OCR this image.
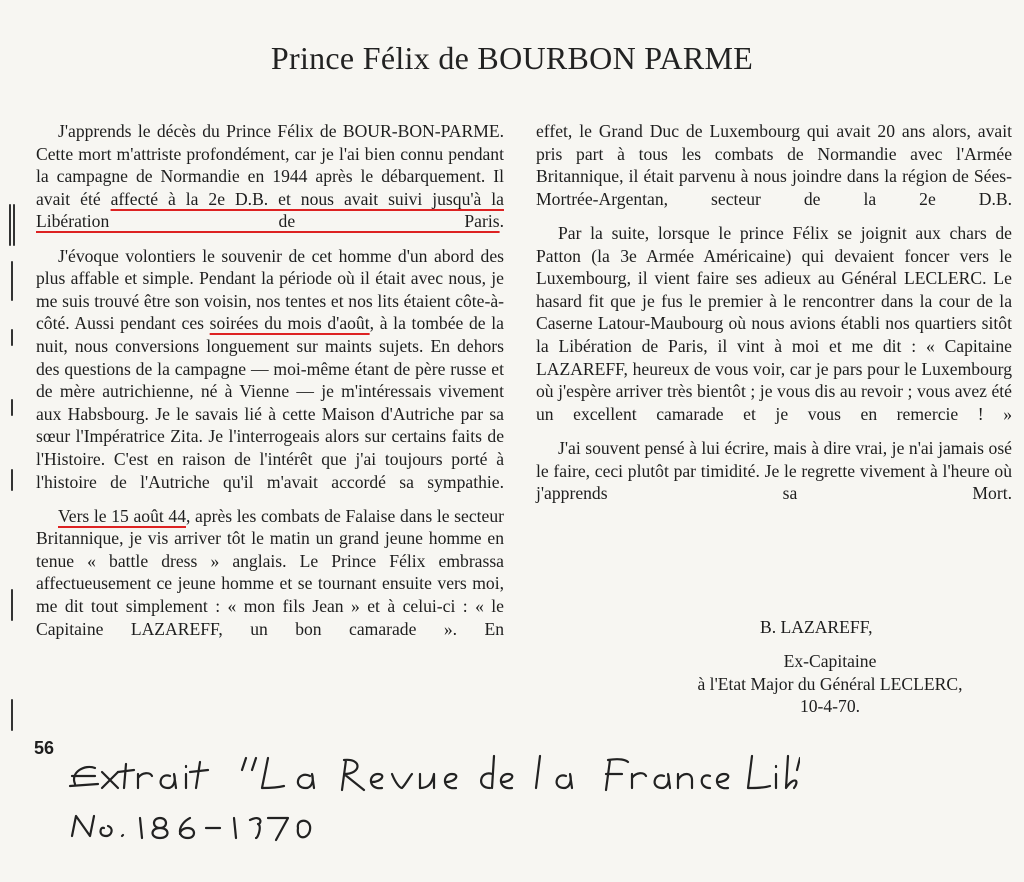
Prince Félix de BOURBON PARME

J'apprends le décès du Prince Félix de BOUR-BON-PARME. Cette mort m'attriste profondément, car je l'ai bien connu pendant la campagne de Normandie en 1944 après le débarquement. Il avait été affecté à la 2e D.B. et nous avait suivi jusqu'à la Libération de Paris.

J'évoque volontiers le souvenir de cet homme d'un abord des plus affable et simple. Pendant la période où il était avec nous, je me suis trouvé être son voisin, nos tentes et nos lits étaient côte-à-côté. Aussi pendant ces soirées du mois d'août, à la tombée de la nuit, nous conversions longuement sur maints sujets. En dehors des questions de la campagne — moi-même étant de père russe et de mère autrichienne, né à Vienne — je m'intéressais vivement aux Habsbourg. Je le savais lié à cette Maison d'Autriche par sa sœur l'Impératrice Zita. Je l'interrogeais alors sur certains faits de l'Histoire. C'est en raison de l'intérêt que j'ai toujours porté à l'histoire de l'Autriche qu'il m'avait accordé sa sympathie.

Vers le 15 août 44, après les combats de Falaise dans le secteur Britannique, je vis arriver tôt le matin un grand jeune homme en tenue « battle dress » anglais. Le Prince Félix embrassa affectueusement ce jeune homme et se tournant ensuite vers moi, me dit tout simplement : « mon fils Jean » et à celui-ci : « le Capitaine LAZAREFF, un bon camarade ». En

effet, le Grand Duc de Luxembourg qui avait 20 ans alors, avait pris part à tous les combats de Normandie avec l'Armée Britannique, il était parvenu à nous joindre dans la région de Sées-Mortrée-Argentan, secteur de la 2e D.B.

Par la suite, lorsque le prince Félix se joignit aux chars de Patton (la 3e Armée Américaine) qui devaient foncer vers le Luxembourg, il vient faire ses adieux au Général LECLERC. Le hasard fit que je fus le premier à le rencontrer dans la cour de la Caserne Latour-Maubourg où nous avions établi nos quartiers sitôt la Libération de Paris, il vint à moi et me dit : « Capitaine LAZAREFF, heureux de vous voir, car je pars pour le Luxembourg où j'espère arriver très bientôt ; je vous dis au revoir ; vous avez été un excellent camarade et je vous en remercie ! »

J'ai souvent pensé à lui écrire, mais à dire vrai, je n'ai jamais osé le faire, ceci plutôt par timidité. Je le regrette vivement à l'heure où j'apprends sa Mort.

B. LAZAREFF,
Ex-Capitaine
à l'Etat Major du Général LECLERC,
10-4-70.
56
